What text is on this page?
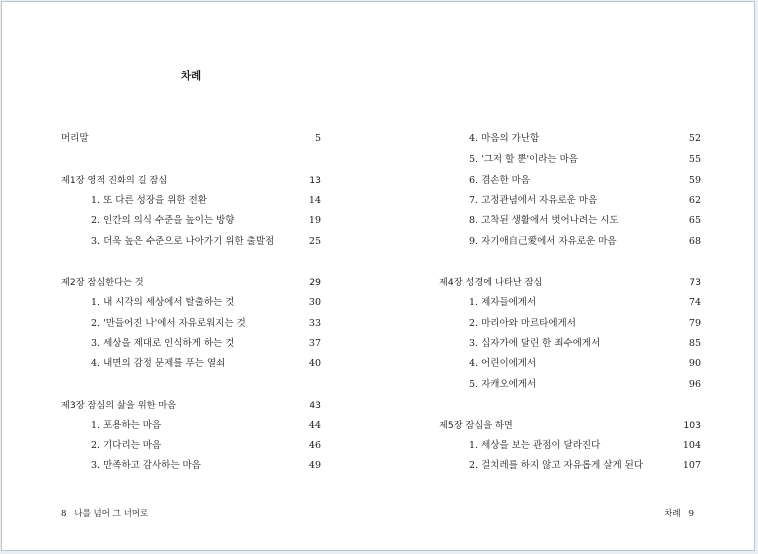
차례
머리말	5
제1장 영적 진화의 길 잠심	13
1. 또 다른 성장을 위한 전환	14
2. 인간의 의식 수준을 높이는 방향	19
3. 더욱 높은 수준으로 나아가기 위한 출발점	25
제2장 잠심한다는 것	29
1. 내 시각의 세상에서 탈출하는 것	30
2. '만들어진 나'에서 자유로워지는 것	33
3. 세상을 제대로 인식하게 하는 것	37
4. 내면의 감정 문제를 푸는 열쇠	40
제3장 잠심의 삶을 위한 마음	43
1. 포용하는 마음	44
2. 기다리는 마음	46
3. 만족하고 감사하는 마음	49
4. 마음의 가난함	52
5. '그저 할 뿐'이라는 마음	55
6. 겸손한 마음	59
7. 고정관념에서 자유로운 마음	62
8. 고착된 생활에서 벗어나려는 시도	65
9. 자기애自己愛에서 자유로운 마음	68
제4장 성경에 나타난 잠심	73
1. 제자들에게서	74
2. 마리아와 마르타에게서	79
3. 십자가에 달린 한 죄수에게서	85
4. 어린이에게서	90
5. 자캐오에게서	96
제5장 잠심을 하면	103
1. 세상을 보는 관점이 달라진다	104
2. 걸치레를 하지 않고 자유롭게 살게 된다	107
8 나를 넘어 그 너머로	차례 9
